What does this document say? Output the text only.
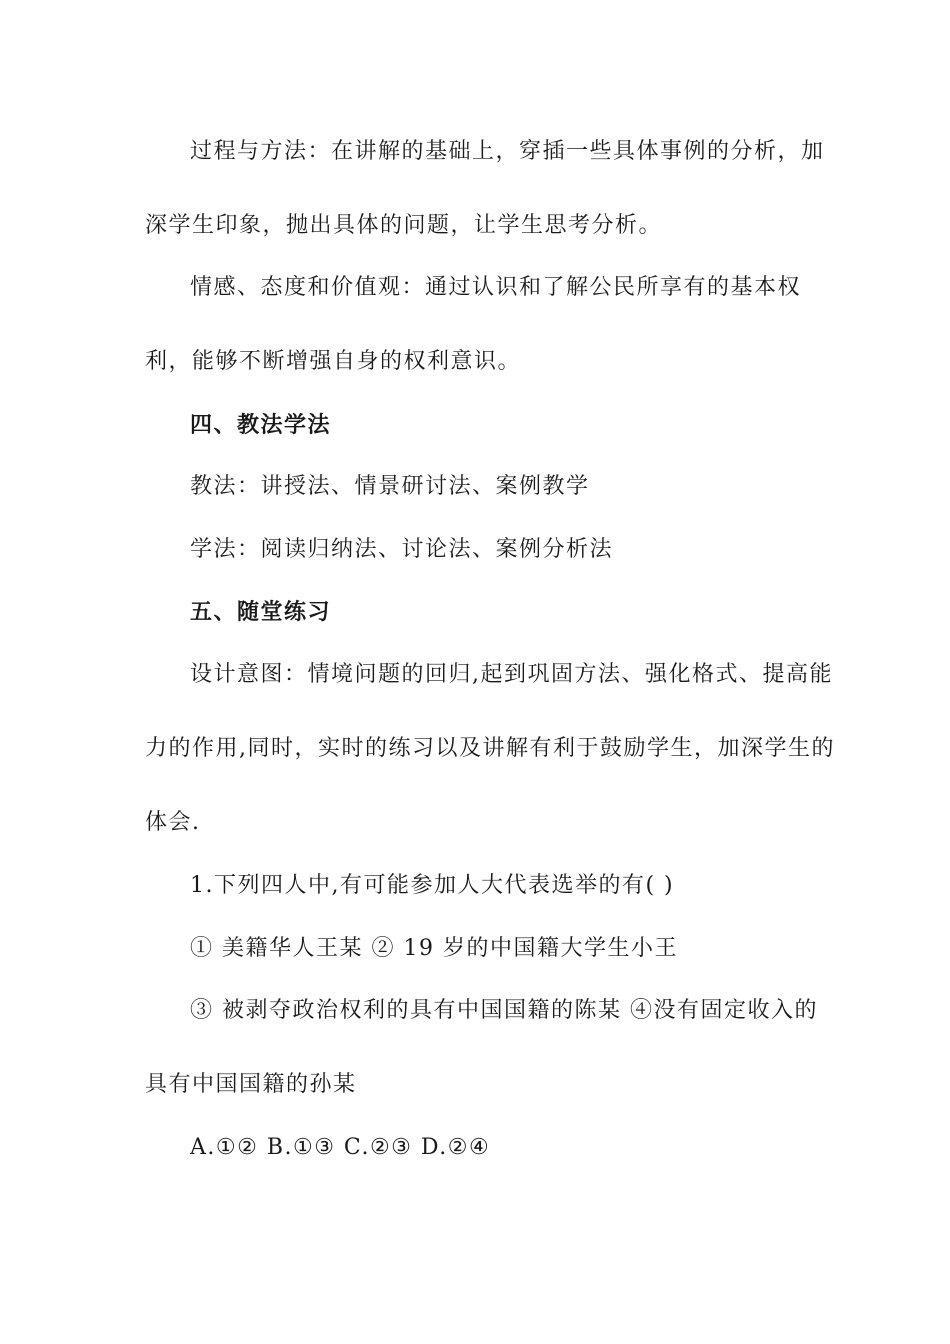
过程与方法：在讲解的基础上，穿插一些具体事例的分析，加
深学生印象，抛出具体的问题，让学生思考分析。
情感、态度和价值观：通过认识和了解公民所享有的基本权
利，能够不断增强自身的权利意识。
四、教法学法
教法：讲授法、情景研讨法、案例教学
学法：阅读归纳法、讨论法、案例分析法
五、随堂练习
设计意图：情境问题的回归,起到巩固方法、强化格式、提高能
力的作用,同时，实时的练习以及讲解有利于鼓励学生，加深学生的
体会.
1.下列四人中,有可能参加人大代表选举的有( )
① 美籍华人王某 ② 19 岁的中国籍大学生小王
③ 被剥夺政治权利的具有中国国籍的陈某 ④没有固定收入的
具有中国国籍的孙某
A.①② B.①③ C.②③ D.②④
